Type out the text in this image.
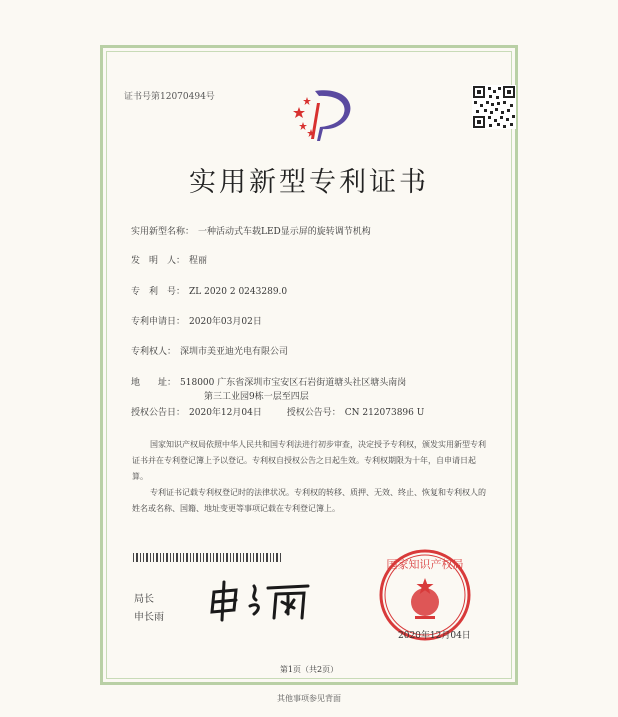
证书号第12070494号
实用新型专利证书
实用新型名称： 一种活动式车载LED显示屏的旋转调节机构
发　明　人： 程丽
专　利　号： ZL 2020 2 0243289.0
专利申请日： 2020年03月02日
专利权人： 深圳市美亚迪光电有限公司
地　　址： 518000 广东省深圳市宝安区石岩街道塘头社区塘头南岗
第三工业园9栋一层至四层
授权公告日： 2020年12月04日	授权公告号： CN 212073896 U
国家知识产权局依照中华人民共和国专利法进行初步审查，决定授予专利权，颁发实用新型专利证书并在专利登记簿上予以登记。专利权自授权公告之日起生效。专利权期限为十年，自申请日起算。
专利证书记载专利权登记时的法律状况。专利权的转移、质押、无效、终止、恢复和专利权人的姓名或名称、国籍、地址变更等事项记载在专利登记簿上。
局长
申长雨
国家知识产权局
2020年12月04日
第1页（共2页）
其他事项参见背面
